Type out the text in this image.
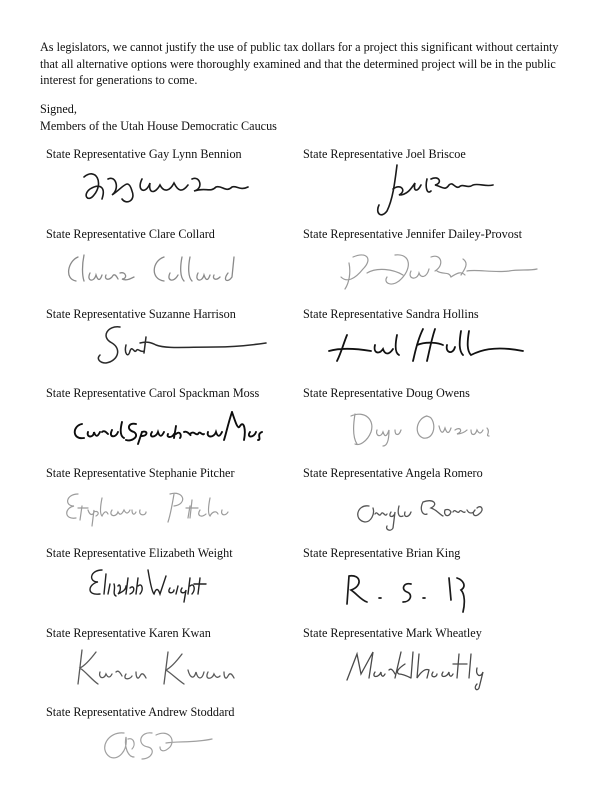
As legislators, we cannot justify the use of public tax dollars for a project this significant without certainty that all alternative options were thoroughly examined and that the determined project will be in the public interest for generations to come.
Signed,
Members of the Utah House Democratic Caucus
State Representative Gay Lynn Bennion	State Representative Joel Briscoe
State Representative Clare Collard	State Representative Jennifer Dailey-Provost
State Representative Suzanne Harrison	State Representative Sandra Hollins
State Representative Carol Spackman Moss	State Representative Doug Owens
State Representative Stephanie Pitcher	State Representative Angela Romero
State Representative Elizabeth Weight	State Representative Brian King
State Representative Karen Kwan	State Representative Mark Wheatley
State Representative Andrew Stoddard
